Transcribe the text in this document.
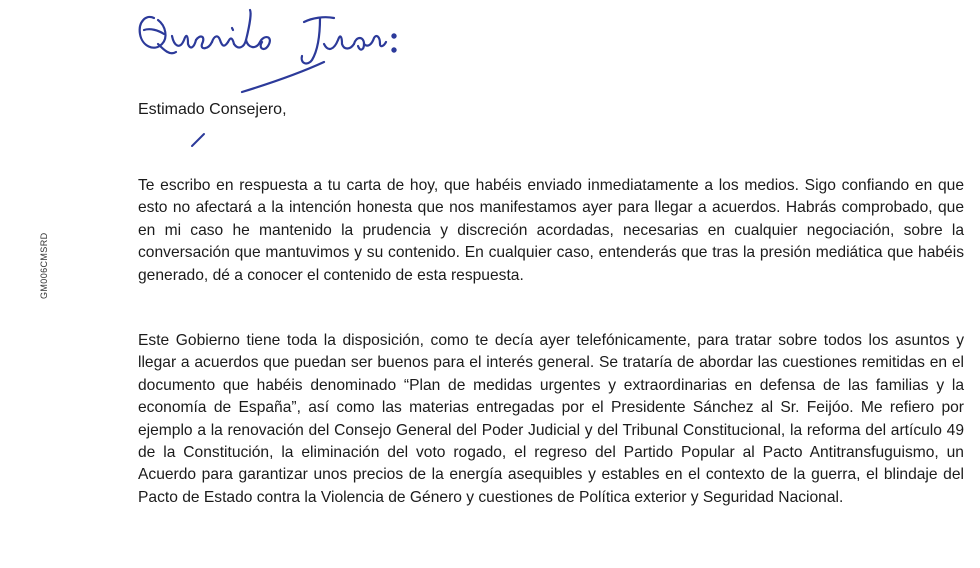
GM006CMSRD
Estimado Consejero,

Te escribo en respuesta a tu carta de hoy, que habéis enviado inmediatamente a los medios. Sigo confiando en que esto no afectará a la intención honesta que nos manifestamos ayer para llegar a acuerdos. Habrás comprobado, que en mi caso he mantenido la prudencia y discreción acordadas, necesarias en cualquier negociación, sobre la conversación que mantuvimos y su contenido. En cualquier caso, entenderás que tras la presión mediática que habéis generado, dé a conocer el contenido de esta respuesta.

Este Gobierno tiene toda la disposición, como te decía ayer telefónicamente, para tratar sobre todos los asuntos y llegar a acuerdos que puedan ser buenos para el interés general. Se trataría de abordar las cuestiones remitidas en el documento que habéis denominado “Plan de medidas urgentes y extraordinarias en defensa de las familias y la economía de España”, así como las materias entregadas por el Presidente Sánchez al Sr. Feijóo. Me refiero por ejemplo a la renovación del Consejo General del Poder Judicial y del Tribunal Constitucional, la reforma del artículo 49 de la Constitución, la eliminación del voto rogado, el regreso del Partido Popular al Pacto Antitransfuguismo, un Acuerdo para garantizar unos precios de la energía asequibles y estables en el contexto de la guerra, el blindaje del Pacto de Estado contra la Violencia de Género y cuestiones de Política exterior y Seguridad Nacional.
